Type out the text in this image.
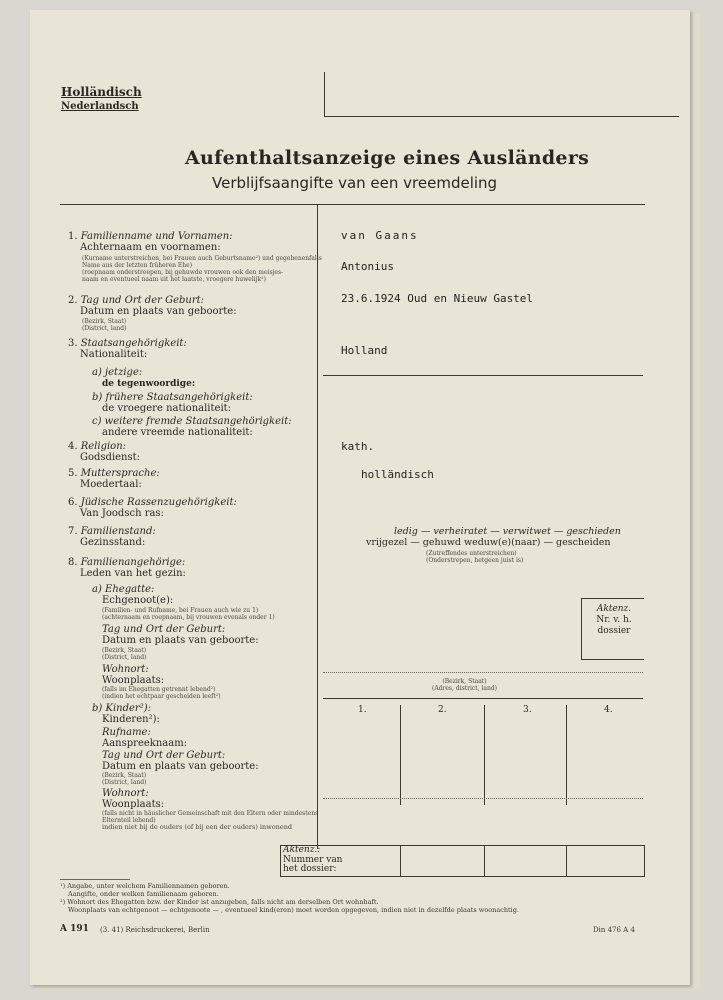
Holländisch
Nederlandsch
Aufenthaltsanzeige eines Ausländers
Verblijfsaangifte van een vreemdeling
1. Familienname und Vornamen:
Achternaam en voornamen:
(Kurname unterstreichen, bei Frauen auch Geburtsname²) und gegebenenfalls
Name aus der letzten früheren Ehe)
(roepnaam onderstreepen, bij gehuwde vrouwen ook den meisjes-
naam en eventueel naam uit het laatste, vroegere huwelijk²)
van Gaans
Antonius
2. Tag und Ort der Geburt:
Datum en plaats van geboorte:
(Bezirk, Staat)
(District, land)
23.6.1924 Oud en Nieuw Gastel
3. Staatsangehörigkeit:
Nationaliteit:	Holland
a) jetzige:
de tegenwoordige:
b) frühere Staatsangehörigkeit:
de vroegere nationaliteit:
c) weitere fremde Staatsangehörigkeit:
andere vreemde nationaliteit:
4. Religion:
Godsdienst:
kath.
5. Muttersprache:
Moedertaal:
holländisch
6. Jüdische Rassenzugehörigkeit:
Van Joodsch ras:
7. Familienstand:
Gezinsstand:
ledig — verheiratet — verwitwet — geschieden
vrijgezel — gehuwd weduw(e)(naar) — gescheiden
(Zutreffendes unterstreichen)
(Onderstrepen, hetgeen juist is)
8. Familienangehörige:
Leden van het gezin:
a) Ehegatte:
Echgenoot(e):
(Familien- und Rufname, bei Frauen auch wie zu 1)
(achternaam en roepnaam, bij vrouwen evenals onder 1)
Tag und Ort der Geburt:
Datum en plaats van geboorte:
(Bezirk, Staat)
(District, land)
Wohnort:
Woonplaats:
(falls im Ehegatten getrennt lebend²)
(indien het echtpaar gescheiden leeft²)
b) Kinder²):
Kinderen²):
Rufname:
Aanspreeknaam:
Tag und Ort der Geburt:
Datum en plaats van geboorte:
(Bezirk, Staat)
(District, land)
Wohnort:
Woonplaats:
(falls nicht in häuslicher Gemeinschaft mit den Eltern oder mindestens
Elternteil lebend)
indien niet bij de ouders (of bij een der ouders) inwonend
Aktenz.
Nr. v. h.
dossier
(Bezirk, Staat)
(Adres, district, land)
1.	2.	3.	4.
Aktenz.:
Nummer van
het dossier:
¹) Angabe, unter welchem Familiennamen geboren.
Aangifte, onder welken familienaam geboren.
²) Wohnort des Ehegatten bzw. der Kinder ist anzugeben, falls nicht am derselben Ort wohnhaft.
Woonplaats van echtgenoot — echtgenoote — , eventueel kind(eren) moet worden opgegeven, indien niet in dezelfde plaats woonachtig.
A 191 (3. 41) Reichsdruckerei, Berlin	Din 476 A 4
